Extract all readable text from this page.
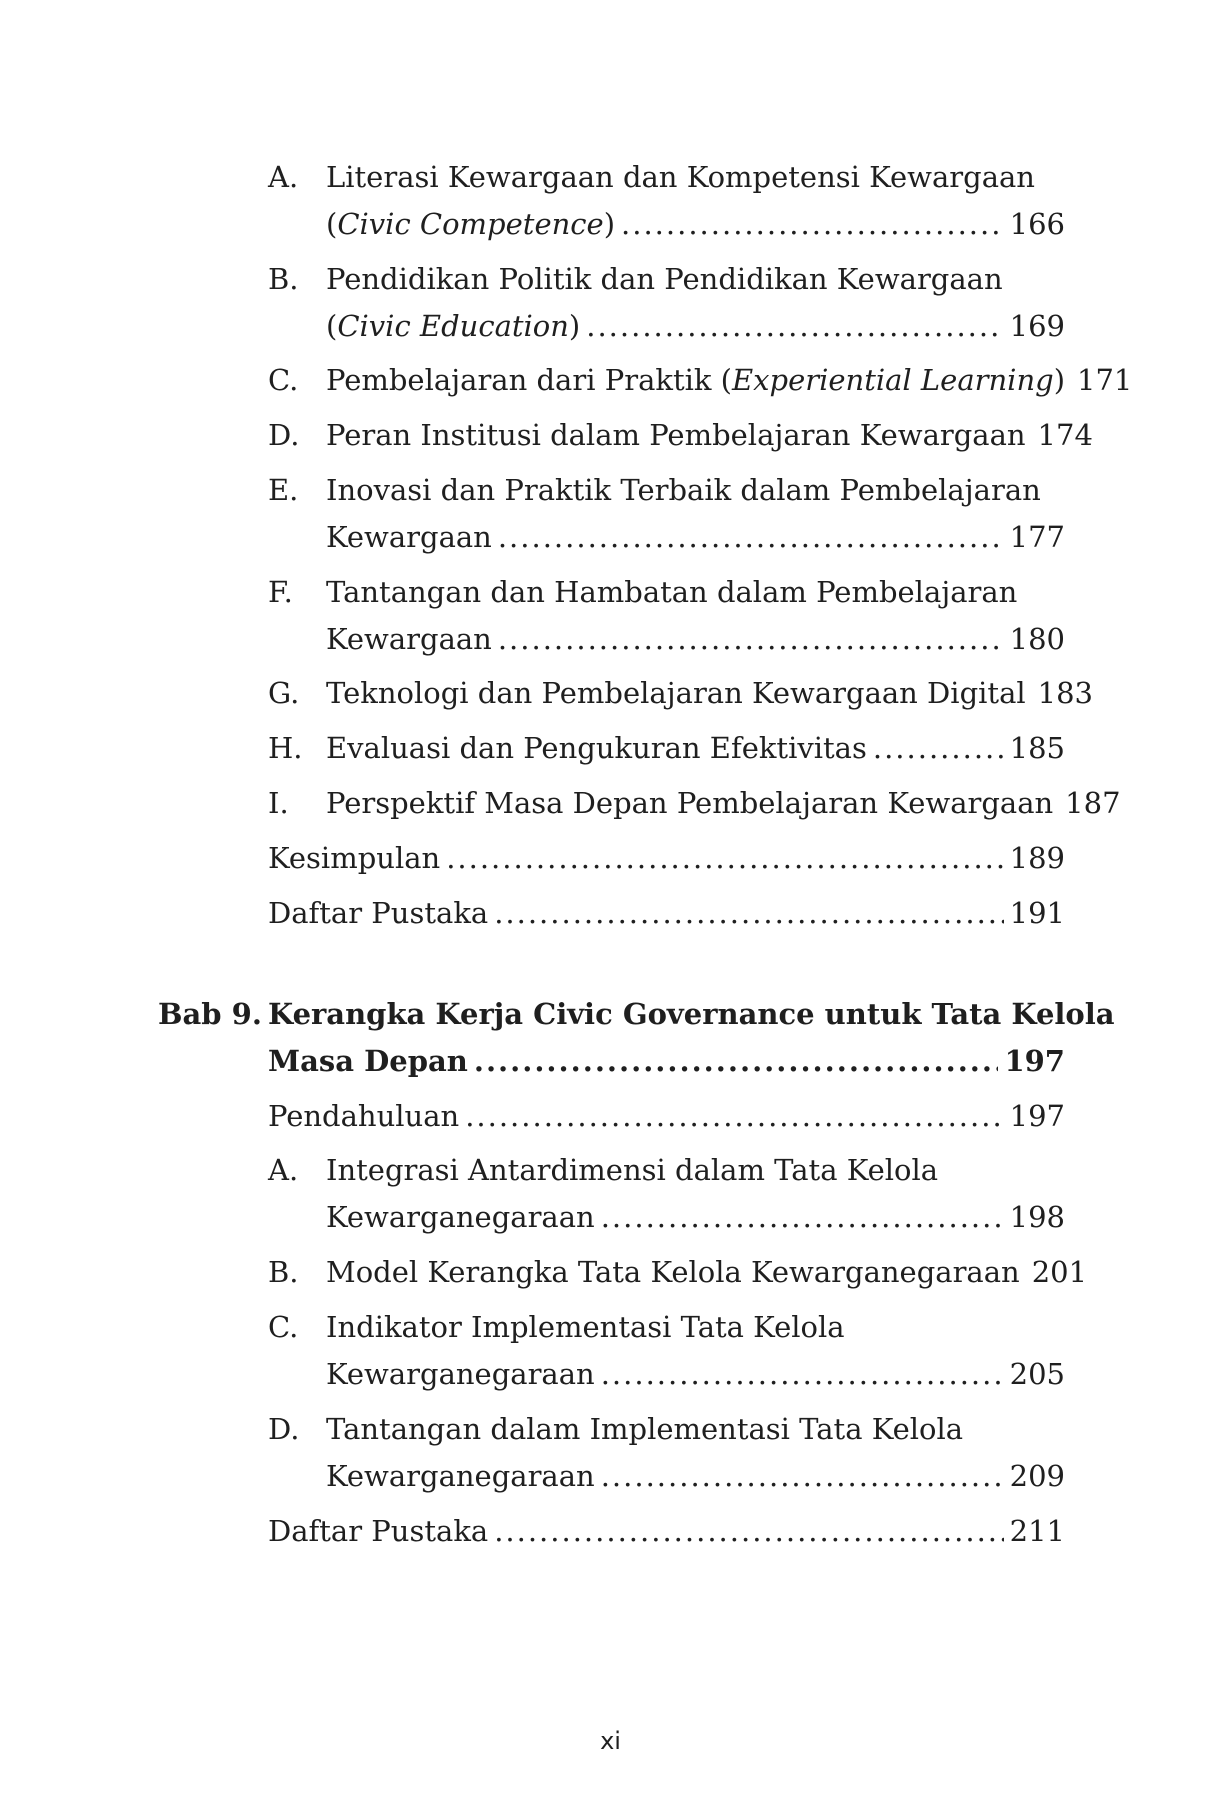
A. Literasi Kewargaan dan Kompetensi Kewargaan
(Civic Competence) .....	166
B. Pendidikan Politik dan Pendidikan Kewargaan
(Civic Education) .....	169
C. Pembelajaran dari Praktik (Experiential Learning) 171
D. Peran Institusi dalam Pembelajaran Kewargaan 174
E. Inovasi dan Praktik Terbaik dalam Pembelajaran
Kewargaan .....	177
F. Tantangan dan Hambatan dalam Pembelajaran
Kewargaan .....	180
G. Teknologi dan Pembelajaran Kewargaan Digital 183
H. Evaluasi dan Pengukuran Efektivitas .....	185
I. Perspektif Masa Depan Pembelajaran Kewargaan 187
Kesimpulan .....	189
Daftar Pustaka .....	191
Bab 9. Kerangka Kerja Civic Governance untuk Tata Kelola
Masa Depan .....	197
Pendahuluan .....	197
A. Integrasi Antardimensi dalam Tata Kelola
Kewarganegaraan .....	198
B. Model Kerangka Tata Kelola Kewarganegaraan 201
C. Indikator Implementasi Tata Kelola
Kewarganegaraan .....	205
D. Tantangan dalam Implementasi Tata Kelola
Kewarganegaraan .....	209
Daftar Pustaka .....	211
xi
